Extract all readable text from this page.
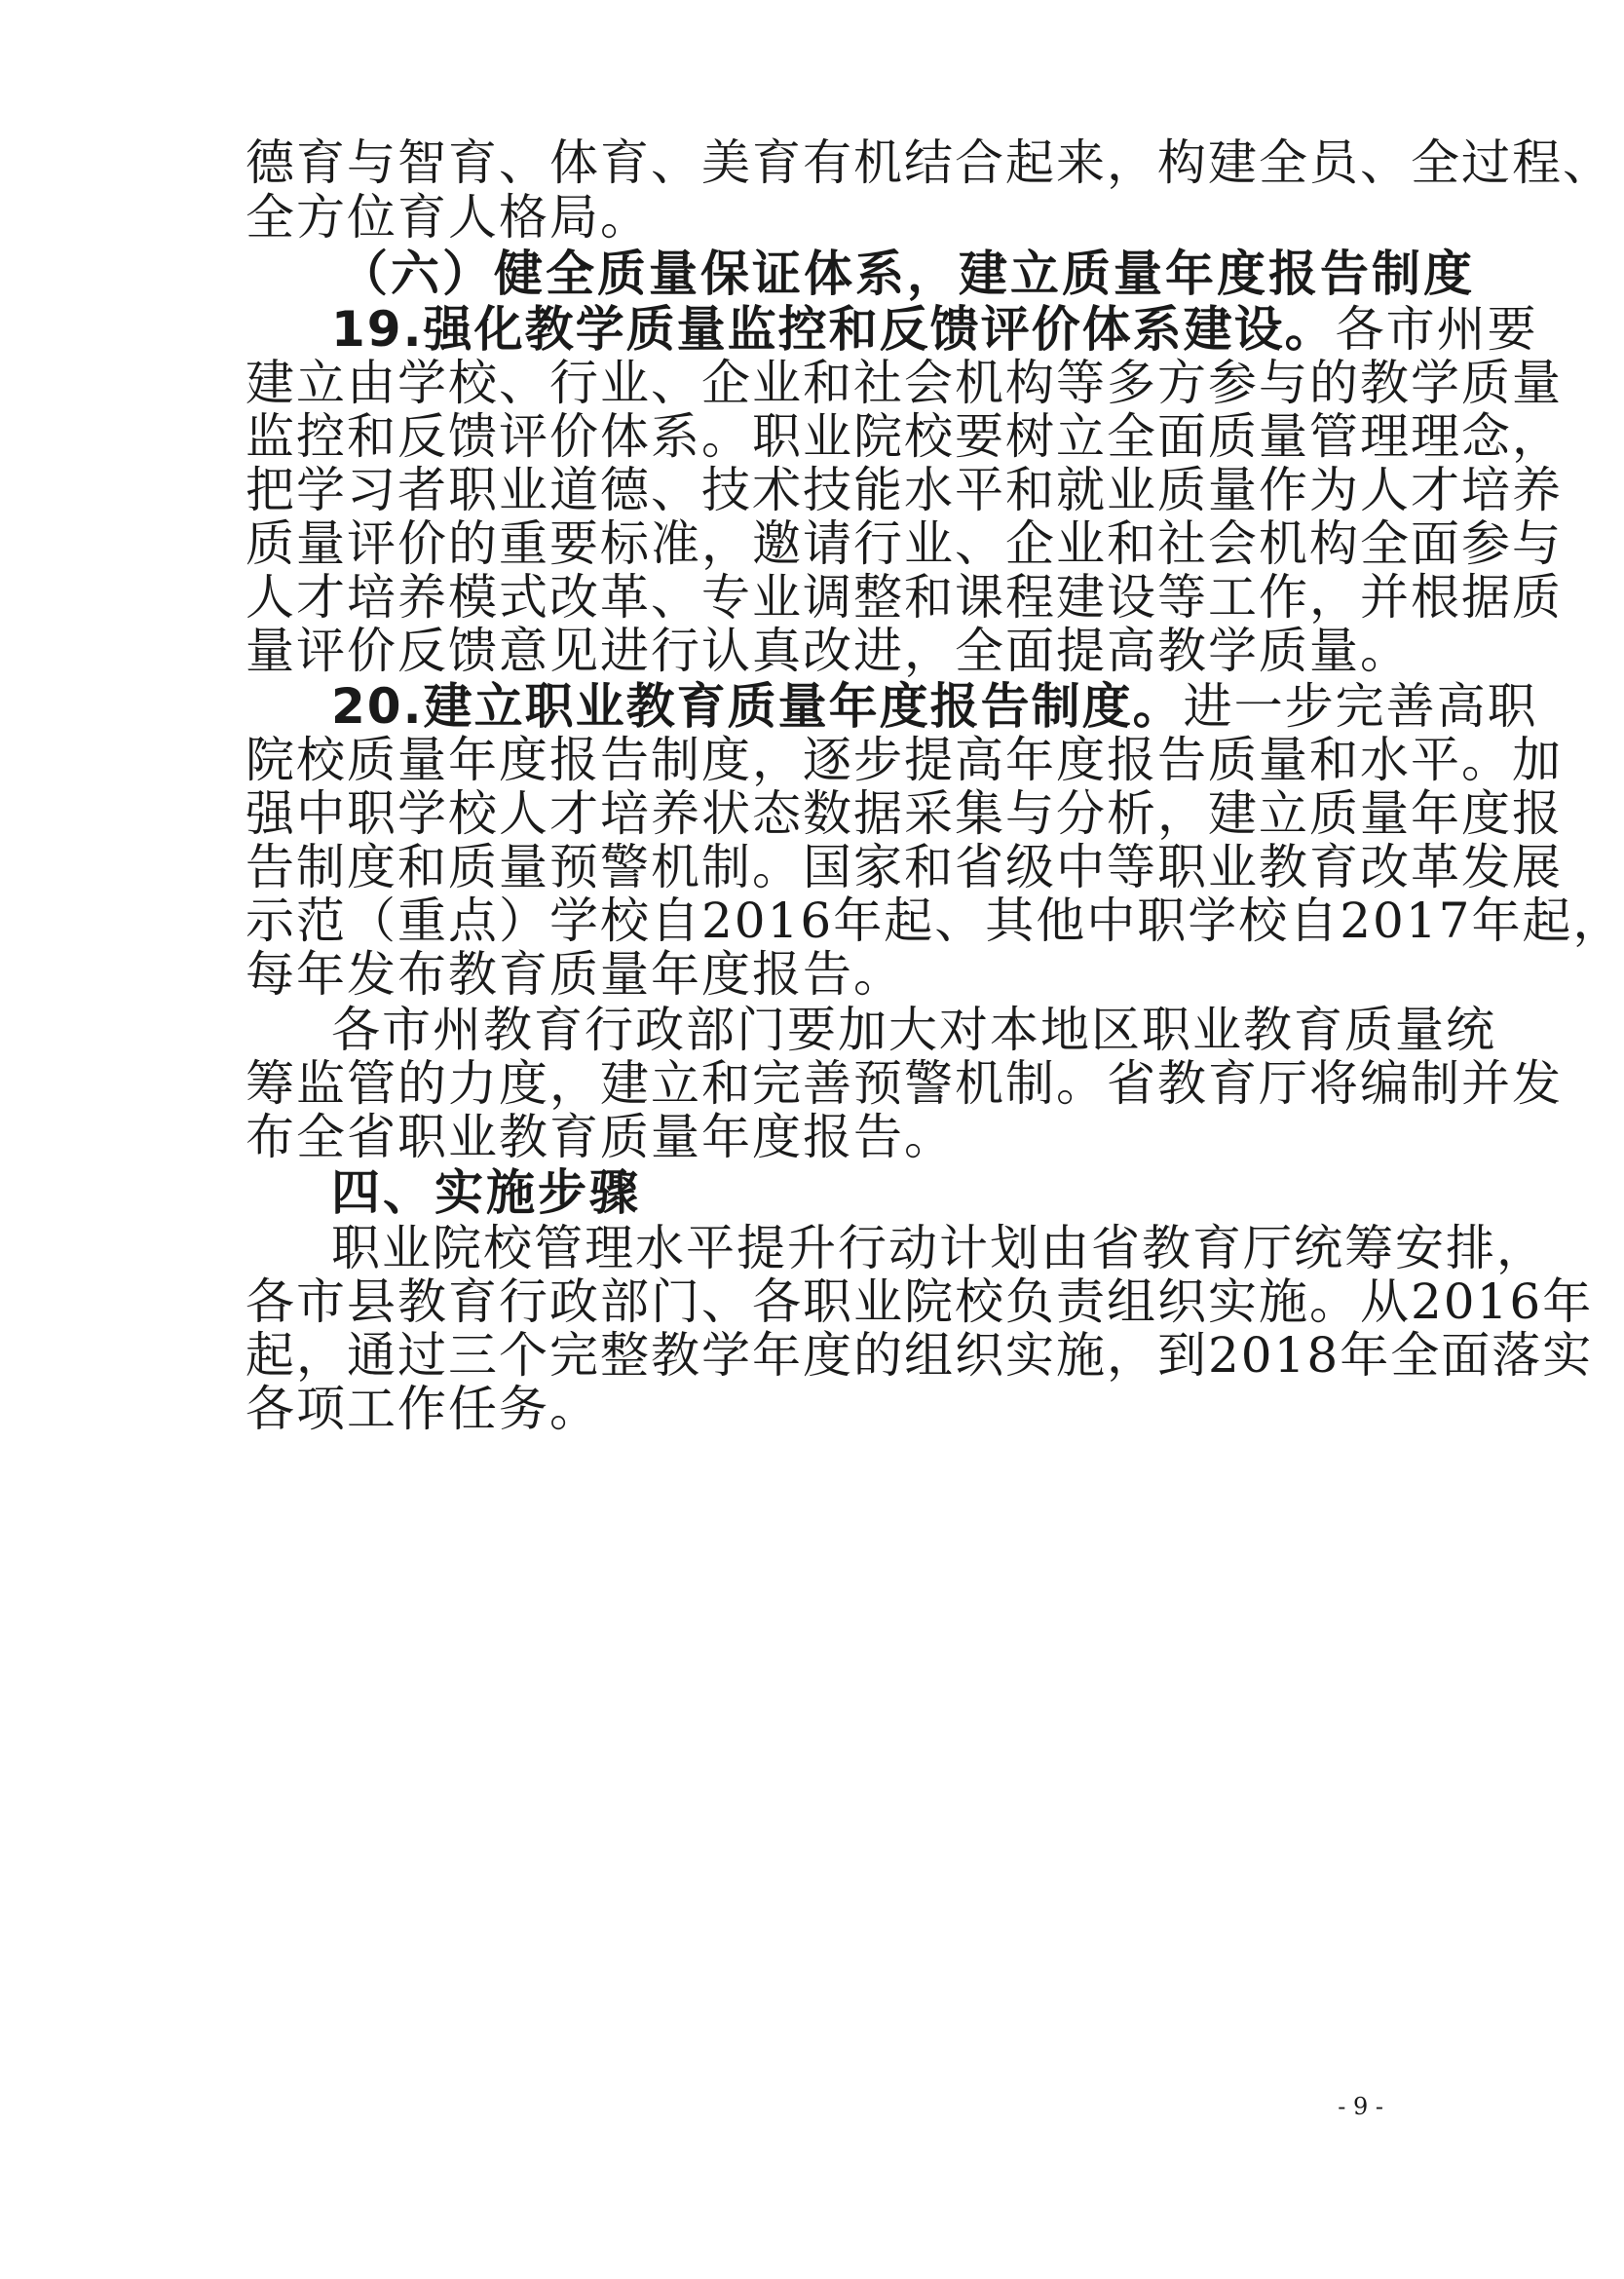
德育与智育、体育、美育有机结合起来，构建全员、全过程、
全方位育人格局。
（六）健全质量保证体系，建立质量年度报告制度
19.强化教学质量监控和反馈评价体系建设。各市州要
建立由学校、行业、企业和社会机构等多方参与的教学质量
监控和反馈评价体系。职业院校要树立全面质量管理理念，
把学习者职业道德、技术技能水平和就业质量作为人才培养
质量评价的重要标准，邀请行业、企业和社会机构全面参与
人才培养模式改革、专业调整和课程建设等工作，并根据质
量评价反馈意见进行认真改进，全面提高教学质量。
20.建立职业教育质量年度报告制度。进一步完善高职
院校质量年度报告制度，逐步提高年度报告质量和水平。加
强中职学校人才培养状态数据采集与分析，建立质量年度报
告制度和质量预警机制。国家和省级中等职业教育改革发展
示范（重点）学校自2016年起、其他中职学校自2017年起，
每年发布教育质量年度报告。
各市州教育行政部门要加大对本地区职业教育质量统
筹监管的力度，建立和完善预警机制。省教育厅将编制并发
布全省职业教育质量年度报告。
四、实施步骤
职业院校管理水平提升行动计划由省教育厅统筹安排，
各市县教育行政部门、各职业院校负责组织实施。从2016年
起，通过三个完整教学年度的组织实施，到2018年全面落实
各项工作任务。
- 9 -
